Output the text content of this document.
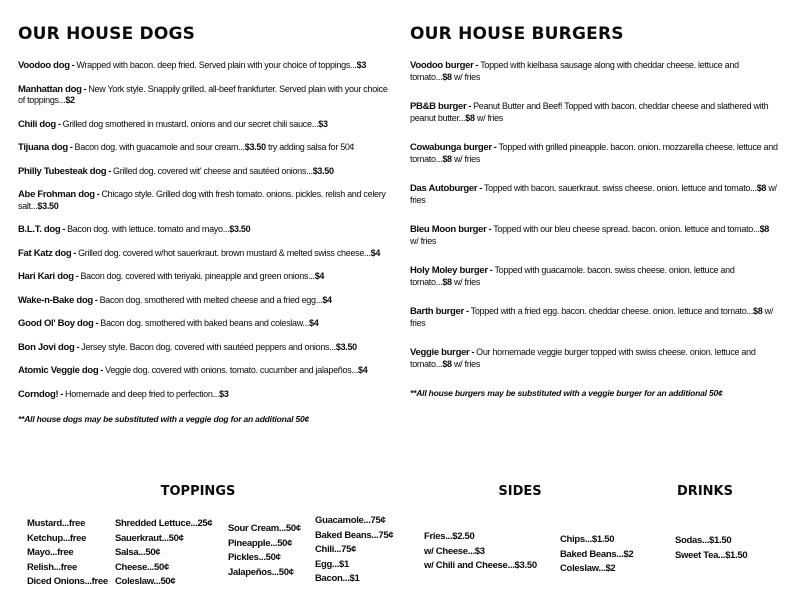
OUR HOUSE DOGS
Voodoo dog - Wrapped with bacon. deep fried. Served plain with your choice of toppings...$3
Manhattan dog - New York style. Snappily grilled. all-beef frankfurter. Served plain with your choice of toppings...$2
Chili dog - Grilled dog smothered in mustard. onions and our secret chili sauce...$3
Tijuana dog - Bacon dog. with guacamole and sour cream...$3.50 try adding salsa for 50¢
Philly Tubesteak dog - Grilled dog. covered wit' cheese and sautéed onions...$3.50
Abe Frohman dog - Chicago style. Grilled dog with fresh tomato. onions. pickles. relish and celery salt...$3.50
B.L.T. dog - Bacon dog. with lettuce. tomato and mayo...$3.50
Fat Katz dog - Grilled dog. covered w/hot sauerkraut. brown mustard & melted swiss cheese...$4
Hari Kari dog - Bacon dog. covered with teriyaki. pineapple and green onions...$4
Wake-n-Bake dog - Bacon dog. smothered with melted cheese and a fried egg...$4
Good Ol' Boy dog - Bacon dog. smothered with baked beans and coleslaw...$4
Bon Jovi dog - Jersey style. Bacon dog. covered with sautéed peppers and onions...$3.50
Atomic Veggie dog - Veggie dog. covered with onions. tomato. cucumber and jalapeños...$4
Corndog! - Homemade and deep fried to perfection...$3
**All house dogs may be substituted with a veggie dog for an additional 50¢
OUR HOUSE BURGERS
Voodoo burger - Topped with kielbasa sausage along with cheddar cheese. lettuce and tomato...$8 w/ fries
PB&B burger - Peanut Butter and Beef! Topped with bacon. cheddar cheese and slathered with peanut butter...$8 w/ fries
Cowabunga burger - Topped with grilled pineapple. bacon. onion. mozzarella cheese. lettuce and tomato...$8 w/ fries
Das Autoburger - Topped with bacon. sauerkraut. swiss cheese. onion. lettuce and tomato...$8 w/ fries
Bleu Moon burger - Topped with our bleu cheese spread. bacon. onion. lettuce and tomato...$8 w/ fries
Holy Moley burger - Topped with guacamole. bacon. swiss cheese. onion. lettuce and tomato...$8 w/ fries
Barth burger - Topped with a fried egg. bacon. cheddar cheese. onion. lettuce and tomato...$8 w/ fries
Veggie burger - Our homemade veggie burger topped with swiss cheese. onion. lettuce and tomato...$8 w/ fries
**All house burgers may be substituted with a veggie burger for an additional 50¢
TOPPINGS
Mustard...free
Ketchup...free
Mayo...free
Relish...free
Diced Onions...free
Shredded Lettuce...25¢
Sauerkraut...50¢
Salsa...50¢
Cheese...50¢
Coleslaw...50¢
Sour Cream...50¢
Pineapple...50¢
Pickles...50¢
Jalapeños...50¢
Guacamole...75¢
Baked Beans...75¢
Chili...75¢
Egg...$1
Bacon...$1
SIDES
Fries...$2.50
w/ Cheese...$3
w/ Chili and Cheese...$3.50
Chips...$1.50
Baked Beans...$2
Coleslaw...$2
DRINKS
Sodas...$1.50
Sweet Tea...$1.50
